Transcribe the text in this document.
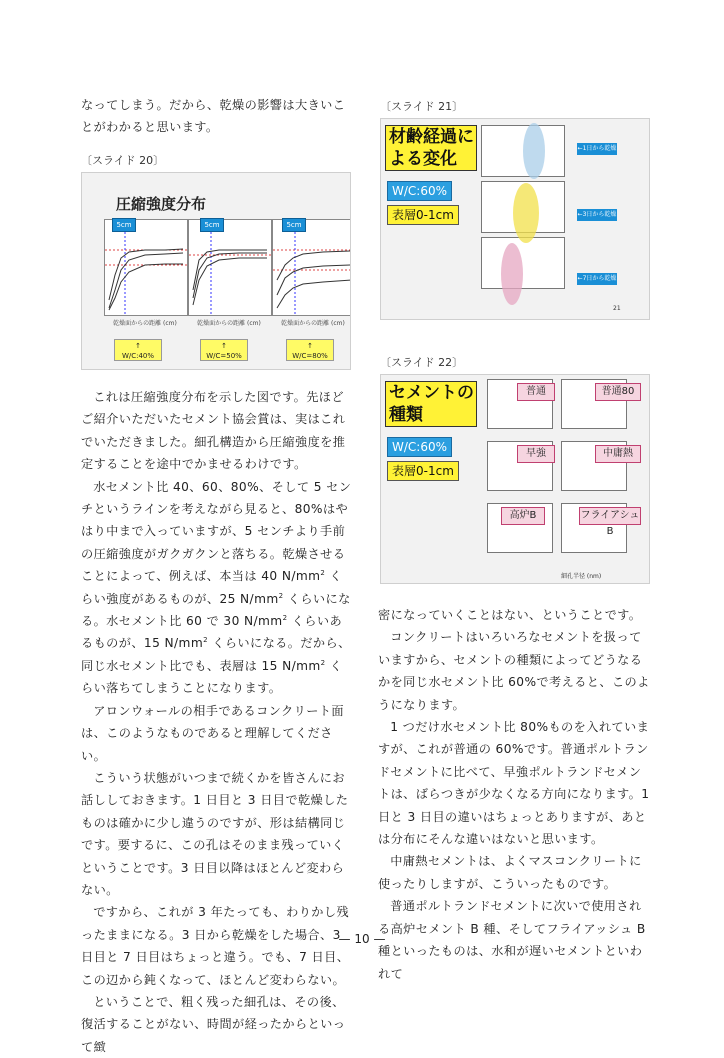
なってしまう。だから、乾燥の影響は大きいことがわかると思います。

〔スライド 20〕
圧縮強度分布
5cm	5cm	5cm
乾燥面からの距離 (cm)	乾燥面からの距離 (cm)	乾燥面からの距離 (cm)
↑
W/C:40%
↑
W/C=50%
↑
W/C=80%

これは圧縮強度分布を示した図です。先ほどご紹介いただいたセメント協会賞は、実はこれでいただきました。細孔構造から圧縮強度を推定することを途中でかませるわけです。

水セメント比 40、60、80%、そして 5 センチというラインを考えながら見ると、80%はやはり中まで入っていますが、5 センチより手前の圧縮強度がガクガクンと落ちる。乾燥させることによって、例えば、本当は 40 $N/mm^2$ くらい強度があるものが、25 $N/mm^2$ くらいになる。水セメント比 60 で 30 $N/mm^2$ くらいあるものが、15 $N/mm^2$ くらいになる。だから、同じ水セメント比でも、表層は 15 $N/mm^2$ くらい落ちてしまうことになります。

アロンウォールの相手であるコンクリート面は、このようなものであると理解してください。

こういう状態がいつまで続くかを皆さんにお話ししておきます。1 日目と 3 日目で乾燥したものは確かに少し違うのですが、形は結構同じです。要するに、この孔はそのまま残っていくということです。3 日目以降はほとんど変わらない。

ですから、これが 3 年たっても、わりかし残ったままになる。3 日から乾燥をした場合、3 日目と 7 日目はちょっと違う。でも、7 日目、この辺から鈍くなって、ほとんど変わらない。

ということで、粗く残った細孔は、その後、復活することがない、時間が経ったからといって緻

〔スライド 21〕
材齢経過による変化
W/C:60%
表層0-1cm
←1日から乾燥
←3日から乾燥
←7日から乾燥
21
〔スライド 22〕
セメントの種類
W/C:60%
表層0-1cm
普通	普通80
早強	中庸熱
高炉B	フライアシュB
細孔半径 (nm)

密になっていくことはない、ということです。

コンクリートはいろいろなセメントを扱っていますから、セメントの種類によってどうなるかを同じ水セメント比 60%で考えると、このようになります。

1 つだけ水セメント比 80%ものを入れていますが、これが普通の 60%です。普通ポルトランドセメントに比べて、早強ポルトランドセメントは、ばらつきが少なくなる方向になります。1 日と 3 日目の違いはちょっとありますが、あとは分布にそんな違いはないと思います。

中庸熱セメントは、よくマスコンクリートに使ったりしますが、こういったものです。

普通ポルトランドセメントに次いで使用される高炉セメント B 種、そしてフライアッシュ B 種といったものは、水和が遅いセメントといわれて

— 10 —
